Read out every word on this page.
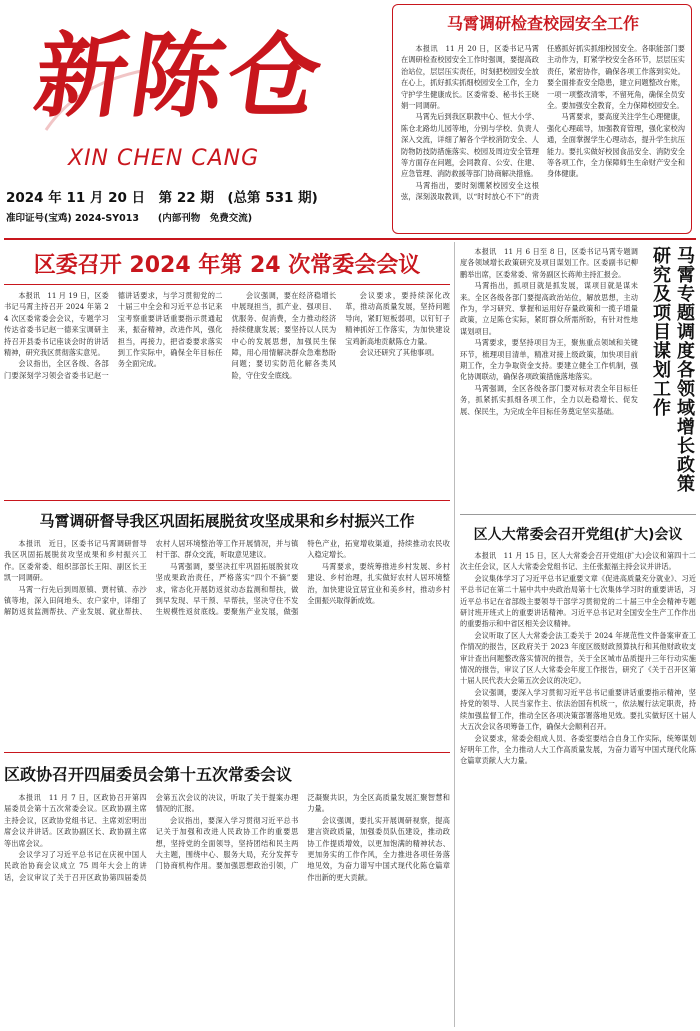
新陈仓
XIN CHEN CANG
2024 年 11 月 20 日　第 22 期　(总第 531 期)
准印证号(宝鸡) 2024-SY013　　(内部刊物　免费交流)
马霄调研检查校园安全工作

本报讯　11 月 20 日，区委书记马霄在调研检查校园安全工作时强调，要提高政治站位，层层压实责任，时刻把校园安全放在心上，抓好抓实抓细校园安全工作，全力守护学生健康成长。区委常委、秘书长王晓娟一同调研。

马霄先后到我区职教中心、恒大小学、陈仓北路幼儿园等地，分别与学校、负责人深入交流，详细了解各个学校消防安全、人防物防技防措施落实、校园及周边安全管理等方面存在问题，会同教育、公安、住建、应急管理、消防救援等部门协商解决措施。

马霄指出，要时刻绷紧校园安全这根弦，深刻汲取教训，以“时时放心不下”的责任感抓好抓实抓细校园安全。各职能部门要主动作为，盯紧学校安全各环节，层层压实责任，紧密协作，确保各项工作落到实处。要全面排查安全隐患，建立问题整改台账，一项一项整改清零，不留死角，确保全员安全。要加强安全教育，全力保障校园安全。

马霄要求，要高度关注学生心理健康，强化心理疏导，加强教育管理，强化家校沟通，全面掌握学生心理动态，提升学生抗压能力。要扎实做好校园食品安全、消防安全等各项工作，全力保障师生生命财产安全和身体健康。

区委召开 2024 年第 24 次常委会会议

本报讯　11 月 19 日，区委书记马霄主持召开 2024 年第 24 次区委常委会会议，专题学习传达省委书记赵一德来宝调研主持召开县委书记座谈会时的讲话精神，研究我区贯彻落实意见。

会议指出，全区各级、各部门要深刻学习领会省委书记赵一德讲话要求，与学习贯彻党的二十届三中全会和习近平总书记来宝考察重要讲话重要指示贯通起来，振奋精神，改进作风，强化担当，再接力，把省委要求落实到工作实际中，确保全年目标任务全面完成。

会议强调，要在经济稳增长中展现担当，抓产业、强项目、优服务、促消费，全力推动经济持续健康发展；要坚持以人民为中心的发展思想，加强民生保障，用心用情解决群众急难愁盼问题；要切实防范化解各类风险，守住安全底线。

会议要求，要持续深化改革，推动高质量发展，坚持问题导向，紧盯短板弱项，以钉钉子精神抓好工作落实，为加快建设宝鸡新高地贡献陈仓力量。

会议还研究了其他事项。

马霄调研督导我区巩固拓展脱贫攻坚成果和乡村振兴工作

本报讯　近日，区委书记马霄调研督导我区巩固拓展脱贫攻坚成果和乡村振兴工作。区委常委、组织部部长王阳、副区长王凯一同调研。

马霄一行先后到周原镇、贾村镇、赤沙镇等地，深入田间地头、农户家中，详细了解防返贫监测帮扶、产业发展、就业帮扶、农村人居环境整治等工作开展情况，并与镇村干部、群众交流，听取意见建议。

马霄强调，要坚决扛牢巩固拓展脱贫攻坚成果政治责任，严格落实“四个不摘”要求，常态化开展防返贫动态监测和帮扶，做到早发现、早干预、早帮扶，坚决守住不发生规模性返贫底线。要聚焦产业发展，做强特色产业，拓宽增收渠道，持续推动农民收入稳定增长。

马霄要求，要统筹推进乡村发展、乡村建设、乡村治理，扎实做好农村人居环境整治，加快建设宜居宜业和美乡村，推动乡村全面振兴取得新成效。

区政协召开四届委员会第十五次常委会议

本报讯　11 月 7 日，区政协召开第四届委员会第十五次常委会议。区政协副主席主持会议，区政协党组书记、主席刘宏明出席会议并讲话。区政协副区长、政协副主席等出席会议。

会议学习了习近平总书记在庆祝中国人民政治协商会议成立 75 周年大会上的讲话，会议审议了关于召开区政协第四届委员会第五次会议的决议，听取了关于提案办理情况的汇报。

会议指出，要深入学习贯彻习近平总书记关于加强和改进人民政协工作的重要思想，坚持党的全面领导，坚持团结和民主两大主题，围绕中心、服务大局，充分发挥专门协商机构作用。要加强思想政治引领，广泛凝聚共识，为全区高质量发展汇聚智慧和力量。

会议强调，要扎实开展调研视察，提高建言资政质量，加强委员队伍建设，推动政协工作提质增效，以更加饱满的精神状态、更加务实的工作作风，全力推进各项任务落地见效，为奋力谱写中国式现代化陈仓篇章作出新的更大贡献。

本报讯　11 月 6 日至 8 日，区委书记马霄专题调度各领域增长政策研究及项目谋划工作。区委副书记柳鹏举出席，区委常委、常务副区长蒋帅主持汇报会。

马霄指出，抓项目就是抓发展，谋项目就是谋未来。全区各级各部门要提高政治站位，解放思想，主动作为，学习研究、掌握和运用好存量政策和一揽子增量政策，立足陈仓实际，紧盯群众所需所盼，有针对性地谋划项目。

马霄要求，要坚持项目为王，聚焦重点领域和关键环节，梳理项目清单，精准对接上级政策，加快项目前期工作，全力争取资金支持。要建立健全工作机制，强化协调联动，确保各项政策措施落地落实。

马霄强调，全区各级各部门要对标对表全年目标任务，抓紧抓实抓细各项工作，全力以赴稳增长、促发展、保民生，为完成全年目标任务奠定坚实基础。	马霄专题调度各领域增长政策研究及项目谋划工作
区人大常委会召开党组(扩大)会议

本报讯　11 月 15 日，区人大常委会召开党组(扩大)会议和第四十二次主任会议，区人大常委会党组书记、主任张振福主持会议并讲话。

会议集体学习了习近平总书记重要文章《促进高质量充分就业》、习近平总书记在第二十届中共中央政治局第十七次集体学习时的重要讲话，习近平总书记在省部级主要领导干部学习贯彻党的二十届三中全会精神专题研讨班开班式上的重要讲话精神。习近平总书记对全国安全生产工作作出的重要指示和中省区相关会议精神。

会议听取了区人大常委会法工委关于 2024 年规范性文件备案审查工作情况的报告，区政府关于 2023 年度区级财政预算执行和其他财政收支审计查出问题整改落实情况的报告，关于全区城市品质提升三年行动实施情况的报告，审议了区人大常委会年度工作报告，研究了《关于召开区第十届人民代表大会第五次会议的决定》。

会议强调，要深入学习贯彻习近平总书记重要讲话重要指示精神，坚持党的领导、人民当家作主、依法治国有机统一，依法履行法定职责，持续加强监督工作，推动全区各项决策部署落地见效。要扎实做好区十届人大五次会议各项筹备工作，确保大会顺利召开。

会议要求，常委会组成人员、各委室要结合自身工作实际，统筹谋划好明年工作，全力推动人大工作高质量发展，为奋力谱写中国式现代化陈仓篇章贡献人大力量。
